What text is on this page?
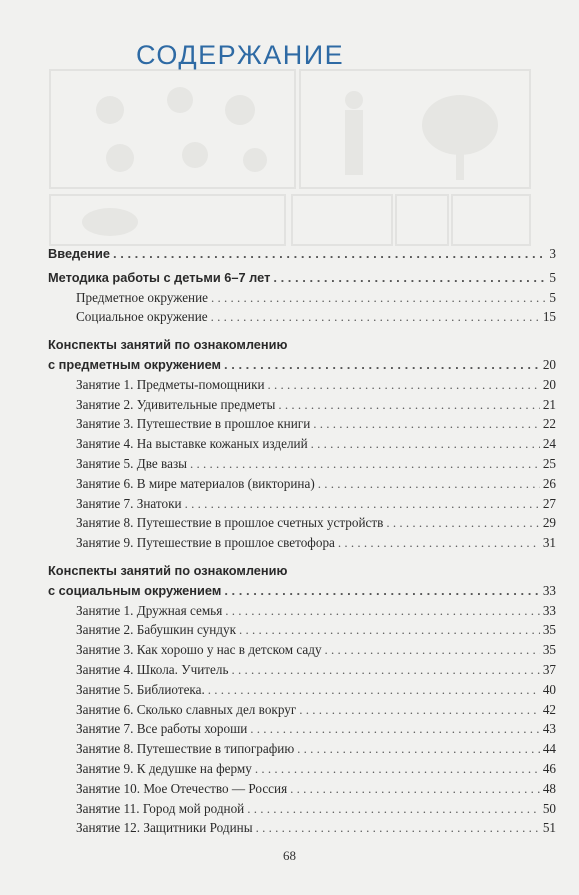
СОДЕРЖАНИЕ
Введение . . .	3
Методика работы с детьми 6–7 лет . . .	5
Предметное окружение . . .	5
Социальное окружение . . .	15
Конспекты занятий по ознакомлению
с предметным окружением . . .	20
Занятие 1. Предметы-помощники . . .	20
Занятие 2. Удивительные предметы . . .	21
Занятие 3. Путешествие в прошлое книги . . .	22
Занятие 4. На выставке кожаных изделий . . .	24
Занятие 5. Две вазы . . .	25
Занятие 6. В мире материалов (викторина) . . .	26
Занятие 7. Знатоки . . .	27
Занятие 8. Путешествие в прошлое счетных устройств . . .	29
Занятие 9. Путешествие в прошлое светофора . . .	31
Конспекты занятий по ознакомлению
с социальным окружением . . .	33
Занятие 1. Дружная семья . . .	33
Занятие 2. Бабушкин сундук . . .	35
Занятие 3. Как хорошо у нас в детском саду . . .	35
Занятие 4. Школа. Учитель . . .	37
Занятие 5. Библиотека. . . .	40
Занятие 6. Сколько славных дел вокруг . . .	42
Занятие 7. Все работы хороши . . .	43
Занятие 8. Путешествие в типографию . . .	44
Занятие 9. К дедушке на ферму . . .	46
Занятие 10. Мое Отечество — Россия . . .	48
Занятие 11. Город мой родной . . .	50
Занятие 12. Защитники Родины . . .	51
68
